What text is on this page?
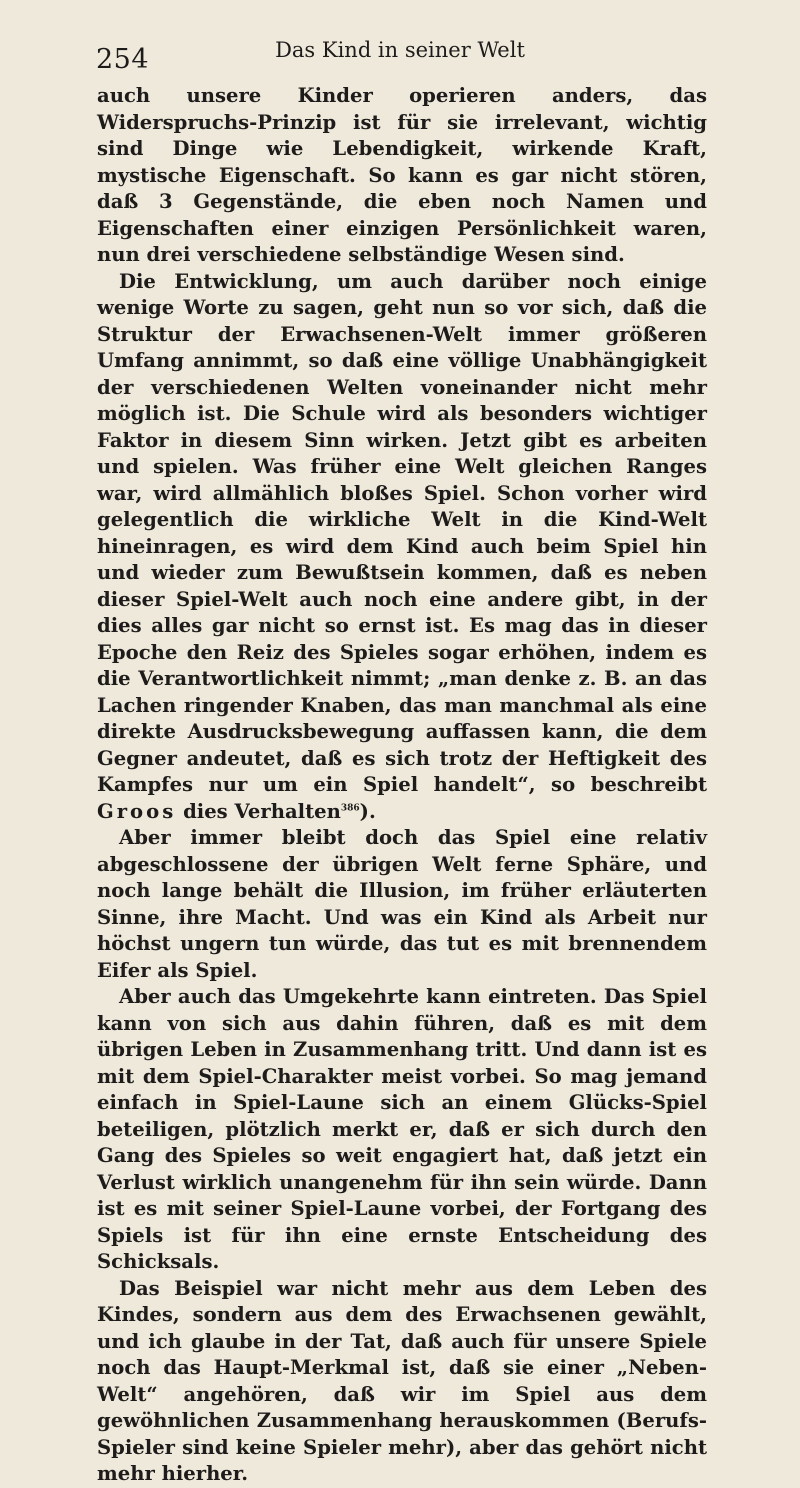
254	Das Kind in seiner Welt

auch unsere Kinder operieren anders, das Widerspruchs-Prinzip ist für sie irrelevant, wichtig sind Dinge wie Lebendigkeit, wirkende Kraft, mystische Eigenschaft. So kann es gar nicht stören, daß 3 Gegenstände, die eben noch Namen und Eigenschaften einer einzigen Persönlichkeit waren, nun drei verschiedene selbständige Wesen sind.

Die Entwicklung, um auch darüber noch einige wenige Worte zu sagen, geht nun so vor sich, daß die Struktur der Erwachsenen-Welt immer größeren Umfang annimmt, so daß eine völlige Unabhängigkeit der verschiedenen Welten voneinander nicht mehr möglich ist. Die Schule wird als besonders wichtiger Faktor in diesem Sinn wirken. Jetzt gibt es arbeiten und spielen. Was früher eine Welt gleichen Ranges war, wird allmählich bloßes Spiel. Schon vorher wird gelegentlich die wirkliche Welt in die Kind-Welt hineinragen, es wird dem Kind auch beim Spiel hin und wieder zum Bewußtsein kommen, daß es neben dieser Spiel-Welt auch noch eine andere gibt, in der dies alles gar nicht so ernst ist. Es mag das in dieser Epoche den Reiz des Spieles sogar erhöhen, indem es die Verantwortlichkeit nimmt; „man denke z. B. an das Lachen ringender Knaben, das man manchmal als eine direkte Ausdrucksbewegung auffassen kann, die dem Gegner andeutet, daß es sich trotz der Heftigkeit des Kampfes nur um ein Spiel handelt“, so beschreibt Groos dies Verhalten$^{386}$).

Aber immer bleibt doch das Spiel eine relativ abgeschlossene der übrigen Welt ferne Sphäre, und noch lange behält die Illusion, im früher erläuterten Sinne, ihre Macht. Und was ein Kind als Arbeit nur höchst ungern tun würde, das tut es mit brennendem Eifer als Spiel.

Aber auch das Umgekehrte kann eintreten. Das Spiel kann von sich aus dahin führen, daß es mit dem übrigen Leben in Zusammenhang tritt. Und dann ist es mit dem Spiel-Charakter meist vorbei. So mag jemand einfach in Spiel-Laune sich an einem Glücks-Spiel beteiligen, plötzlich merkt er, daß er sich durch den Gang des Spieles so weit engagiert hat, daß jetzt ein Verlust wirklich unangenehm für ihn sein würde. Dann ist es mit seiner Spiel-Laune vorbei, der Fortgang des Spiels ist für ihn eine ernste Entscheidung des Schicksals.

Das Beispiel war nicht mehr aus dem Leben des Kindes, sondern aus dem des Erwachsenen gewählt, und ich glaube in der Tat, daß auch für unsere Spiele noch das Haupt-Merkmal ist, daß sie einer „Neben-Welt“ angehören, daß wir im Spiel aus dem gewöhnlichen Zusammenhang herauskommen (Berufs-Spieler sind keine Spieler mehr), aber das gehört nicht mehr hierher.
